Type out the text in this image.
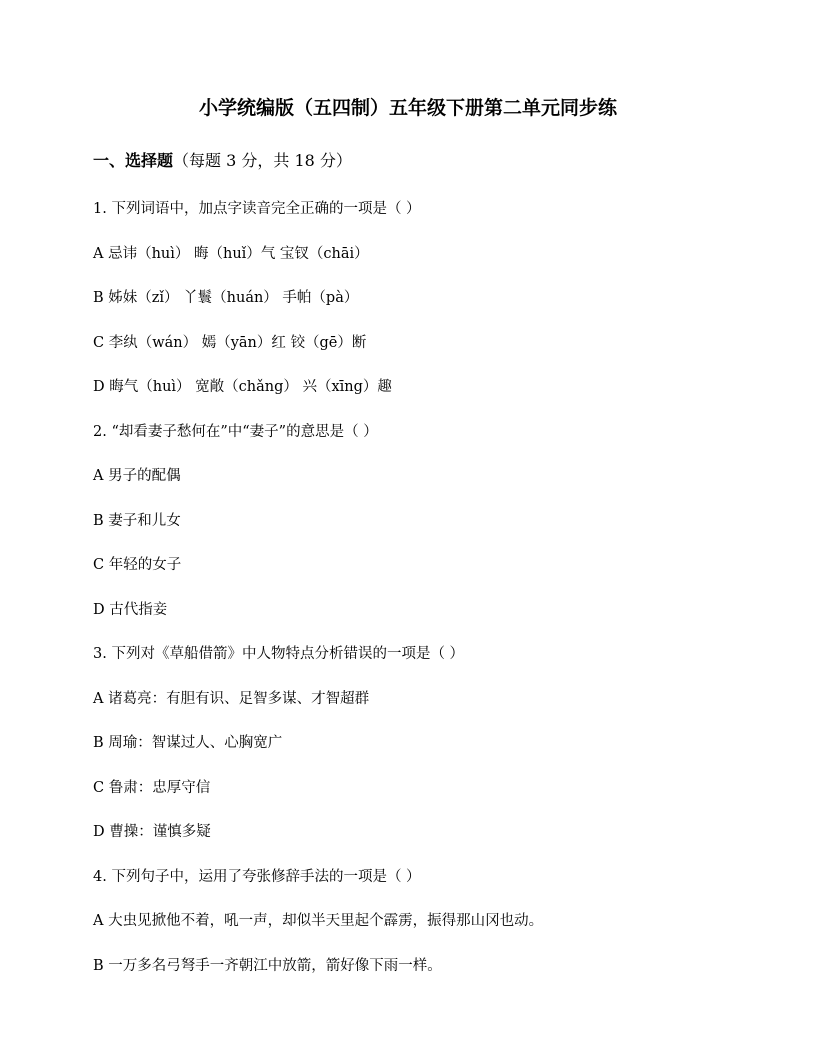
小学统编版（五四制）五年级下册第二单元同步练
一、选择题（每题 3 分，共 18 分）
1. 下列词语中，加点字读音完全正确的一项是（ ）
A 忌讳（huì） 晦（huǐ）气 宝钗（chāi）
B 姊妹（zǐ） 丫鬟（huán） 手帕（pà）
C 李纨（wán） 嫣（yān）红 铰（gē）断
D 晦气（huì） 宽敞（chǎng） 兴（xīng）趣
2. “却看妻子愁何在”中“妻子”的意思是（ ）
A 男子的配偶
B 妻子和儿女
C 年轻的女子
D 古代指妾
3. 下列对《草船借箭》中人物特点分析错误的一项是（ ）
A 诸葛亮：有胆有识、足智多谋、才智超群
B 周瑜：智谋过人、心胸宽广
C 鲁肃：忠厚守信
D 曹操：谨慎多疑
4. 下列句子中，运用了夸张修辞手法的一项是（ ）
A 大虫见掀他不着，吼一声，却似半天里起个霹雳，振得那山冈也动。
B 一万多名弓弩手一齐朝江中放箭，箭好像下雨一样。
